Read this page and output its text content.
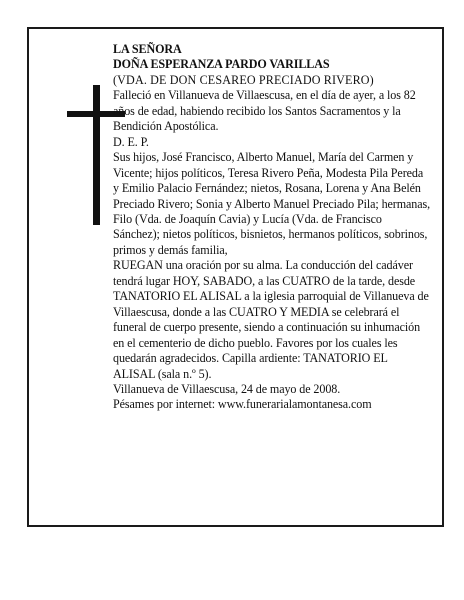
LA SEÑORA

DOÑA ESPERANZA PARDO VARILLAS

(VDA. DE DON CESAREO PRECIADO RIVERO)

Falleció en Villanueva de Villaescusa, en el día de ayer, a los 82 años de edad, habiendo recibido los Santos Sacramentos y la Bendición Apostólica.

D. E. P.

Sus hijos, José Francisco, Alberto Manuel, María del Carmen y Vicente; hijos políticos, Teresa Rivero Peña, Modesta Pila Pereda y Emilio Palacio Fernández; nietos, Rosana, Lorena y Ana Belén Preciado Rivero; Sonia y Alberto Manuel Preciado Pila; hermanas, Filo (Vda. de Joaquín Cavia) y Lucía (Vda. de Francisco Sánchez); nietos políticos, bisnietos, hermanos políticos, sobrinos, primos y demás familia,

RUEGAN una oración por su alma. La conducción del cadáver tendrá lugar HOY, SABADO, a las CUATRO de la tarde, desde TANATORIO EL ALISAL a la iglesia parroquial de Villanueva de Villaescusa, donde a las CUATRO Y MEDIA se celebrará el funeral de cuerpo presente, siendo a continuación su inhumación en el cementerio de dicho pueblo. Favores por los cuales les quedarán agradecidos. Capilla ardiente: TANATORIO EL ALISAL (sala n.º 5).

Villanueva de Villaescusa, 24 de mayo de 2008.

Pésames por internet: www.funerarialamontanesa.com
